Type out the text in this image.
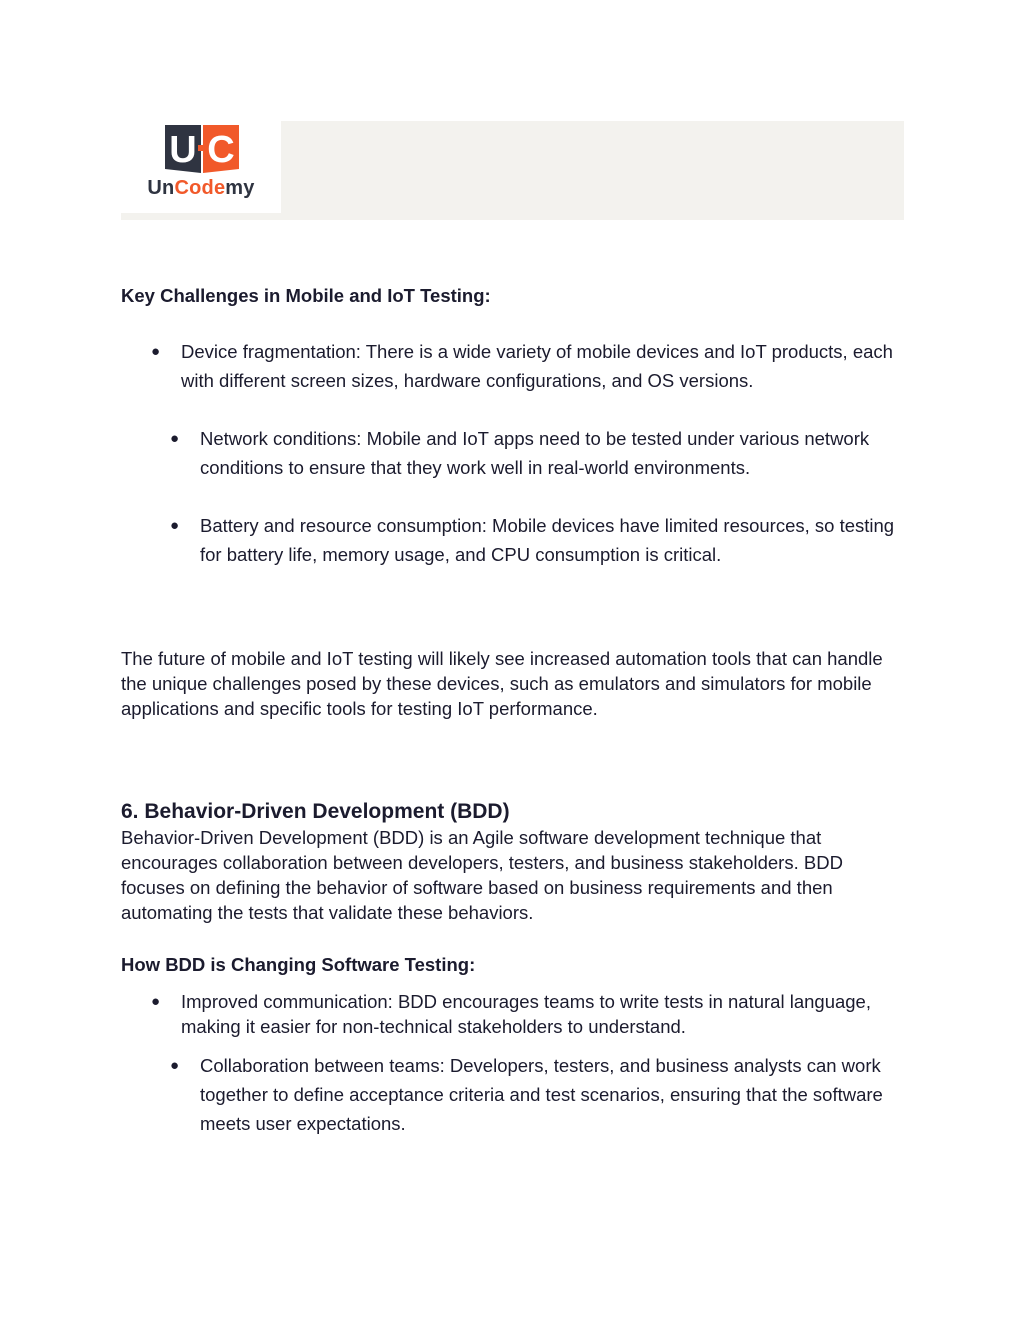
U C
UnCodemy

Key Challenges in Mobile and IoT Testing:

● Device fragmentation: There is a wide variety of mobile devices and IoT products, each with different screen sizes, hardware configurations, and OS versions.
● Network conditions: Mobile and IoT apps need to be tested under various network conditions to ensure that they work well in real-world environments.
● Battery and resource consumption: Mobile devices have limited resources, so testing for battery life, memory usage, and CPU consumption is critical.

The future of mobile and IoT testing will likely see increased automation tools that can handle the unique challenges posed by these devices, such as emulators and simulators for mobile applications and specific tools for testing IoT performance.

6. Behavior-Driven Development (BDD)

Behavior-Driven Development (BDD) is an Agile software development technique that encourages collaboration between developers, testers, and business stakeholders. BDD focuses on defining the behavior of software based on business requirements and then automating the tests that validate these behaviors.

How BDD is Changing Software Testing:

● Improved communication: BDD encourages teams to write tests in natural language, making it easier for non-technical stakeholders to understand.
● Collaboration between teams: Developers, testers, and business analysts can work together to define acceptance criteria and test scenarios, ensuring that the software meets user expectations.
